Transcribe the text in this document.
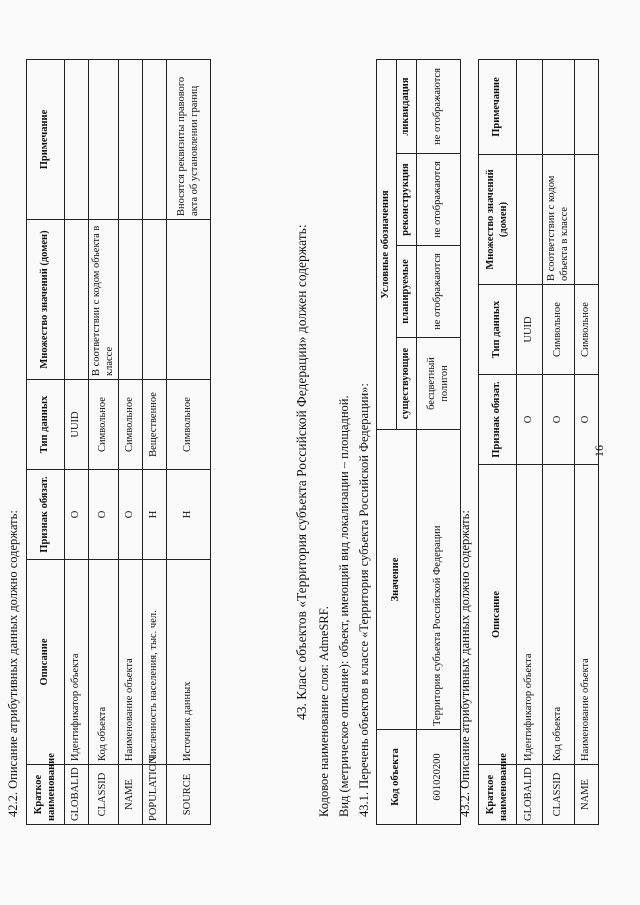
16
42.2. Описание атрибутивных данных должно содержать: Краткое наименование	Описание	Признак обязат.	Тип данных	Множество значений (домен)	Примечание
GLOBALID	Идентификатор объекта	О	UUID		
CLASSID	Код объекта	О	Символьное	В соответствии с кодом объекта в классе	
NAME	Наименование объекта	О	Символьное		
POPULATION	Численность населения, тыс. чел.	Н	Вещественное		
SOURCE	Источник данных	Н	Символьное		Вносятся реквизиты правового акта об установлении границ
43. Класс объектов «Территория субъекта Российской Федерации» должен содержать: Кодовое наименование слоя: AdmeSRF. Вид (метрическое описание): объект, имеющий вид локализации – площадной. 43.1. Перечень объектов в классе «Территория субъекта Российской Федерации»: Код объекта	Значение	Условные обозначения			
		существующие	планируемые	реконструкция	ликвидация
601020200	Территория субъекта Российской Федерации	бесцветный полигон	не отображаются	не отображаются	не отображаются
43.2. Описание атрибутивных данных должно содержать: Краткое наименование	Описание	Признак обязат.	Тип данных	Множество значений (домен)	Примечание
GLOBALID	Идентификатор объекта	О	UUID		
CLASSID	Код объекта	О	Символьное	В соответствии с кодом объекта в классе	
NAME	Наименование объекта	О	Символьное		
